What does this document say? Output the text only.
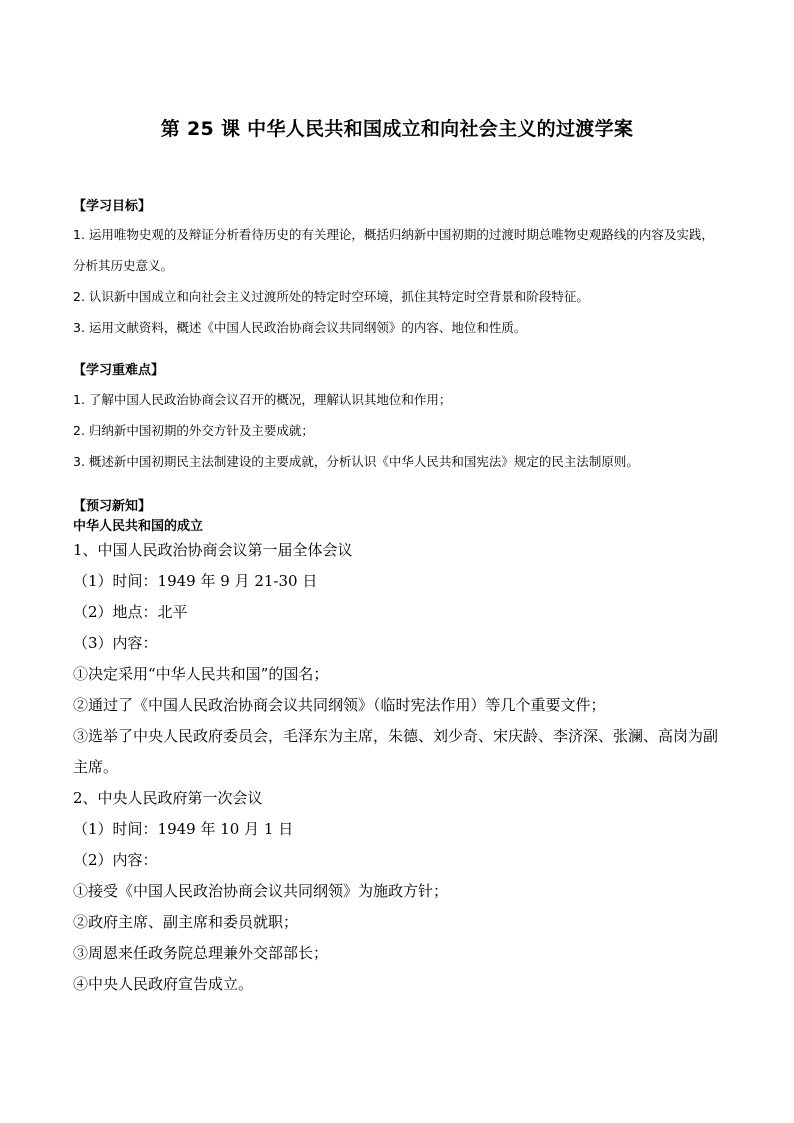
第 25 课 中华人民共和国成立和向社会主义的过渡学案
【学习目标】
1. 运用唯物史观的及辩证分析看待历史的有关理论，概括归纳新中国初期的过渡时期总唯物史观路线的内容及实践，分析其历史意义。
2. 认识新中国成立和向社会主义过渡所处的特定时空环境，抓住其特定时空背景和阶段特征。
3. 运用文献资料，概述《中国人民政治协商会议共同纲领》的内容、地位和性质。
【学习重难点】
1. 了解中国人民政治协商会议召开的概况，理解认识其地位和作用；
2. 归纳新中国初期的外交方针及主要成就；
3. 概述新中国初期民主法制建设的主要成就，分析认识《中华人民共和国宪法》规定的民主法制原则。
【预习新知】
中华人民共和国的成立
1、中国人民政治协商会议第一届全体会议
（1）时间：1949 年 9 月 21-30 日
（2）地点：北平
（3）内容：
①决定采用“中华人民共和国”的国名；
②通过了《中国人民政治协商会议共同纲领》（临时宪法作用）等几个重要文件；
③选举了中央人民政府委员会，毛泽东为主席，朱德、刘少奇、宋庆龄、李济深、张澜、高岗为副主席。
2、中央人民政府第一次会议
（1）时间：1949 年 10 月 1 日
（2）内容：
①接受《中国人民政治协商会议共同纲领》为施政方针；
②政府主席、副主席和委员就职；
③周恩来任政务院总理兼外交部部长；
④中央人民政府宣告成立。
